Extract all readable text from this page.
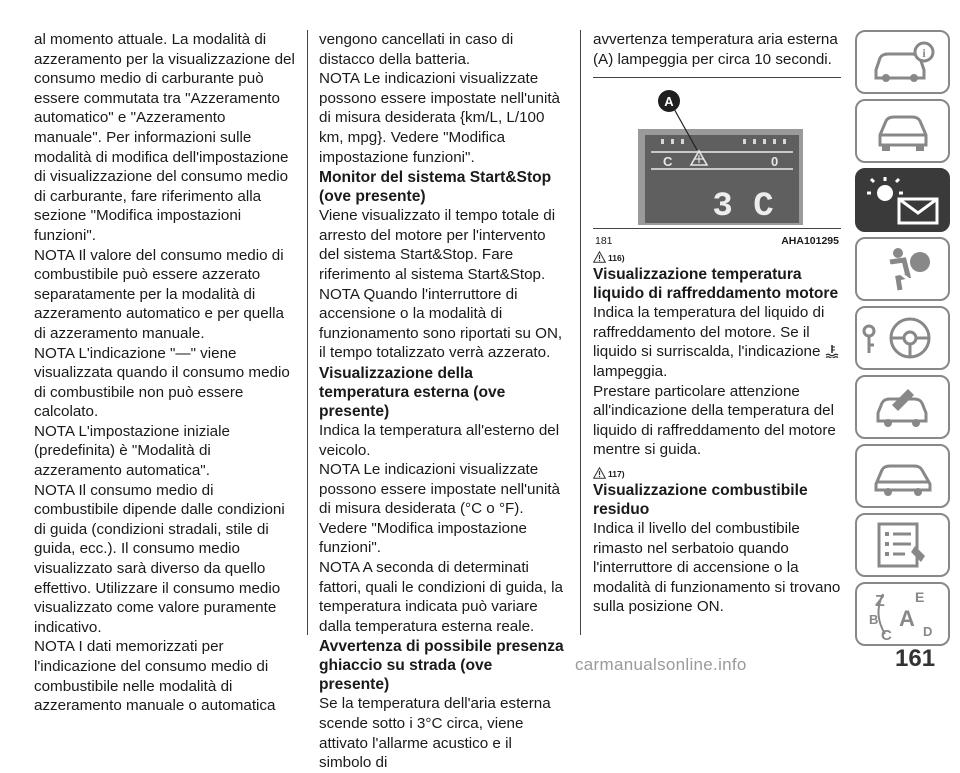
al momento attuale. La modalità di azzeramento per la visualizzazione del consumo medio di carburante può essere commutata tra "Azzeramento automatico" e "Azzeramento manuale". Per informazioni sulle modalità di modifica dell'impostazione di visualizzazione del consumo medio di carburante, fare riferimento alla sezione "Modifica impostazioni funzioni".

NOTA Il valore del consumo medio di combustibile può essere azzerato separatamente per la modalità di azzeramento automatico e per quella di azzeramento manuale.

NOTA L'indicazione "—" viene visualizzata quando il consumo medio di combustibile non può essere calcolato.

NOTA L'impostazione iniziale (predefinita) è "Modalità di azzeramento automatica".

NOTA Il consumo medio di combustibile dipende dalle condizioni di guida (condizioni stradali, stile di guida, ecc.). Il consumo medio visualizzato sarà diverso da quello effettivo. Utilizzare il consumo medio visualizzato come valore puramente indicativo.

NOTA I dati memorizzati per l'indicazione del consumo medio di combustibile nelle modalità di azzeramento manuale o automatica

vengono cancellati in caso di distacco della batteria.

NOTA Le indicazioni visualizzate possono essere impostate nell'unità di misura desiderata {km/L, L/100 km, mpg}. Vedere "Modifica impostazione funzioni".

Monitor del sistema Start&Stop (ove presente)

Viene visualizzato il tempo totale di arresto del motore per l'intervento del sistema Start&Stop. Fare riferimento al sistema Start&Stop.

NOTA Quando l'interruttore di accensione o la modalità di funzionamento sono riportati su ON, il tempo totalizzato verrà azzerato.

Visualizzazione della temperatura esterna (ove presente)

Indica la temperatura all'esterno del veicolo.

NOTA Le indicazioni visualizzate possono essere impostate nell'unità di misura desiderata (°C o °F). Vedere "Modifica impostazione funzioni".

NOTA A seconda di determinati fattori, quali le condizioni di guida, la temperatura indicata può variare dalla temperatura esterna reale.

Avvertenza di possibile presenza ghiaccio su strada (ove presente)

Se la temperatura dell'aria esterna scende sotto i 3°C circa, viene attivato l'allarme acustico e il simbolo di

avvertenza temperatura aria esterna (A) lampeggia per circa 10 secondi.

C	0
3 C
A
181	AHA101295
116)
Visualizzazione temperatura liquido di raffreddamento motore

Indica la temperatura del liquido di raffreddamento del motore. Se il liquido si surriscalda, l'indicazione  lampeggia.

Prestare particolare attenzione all'indicazione della temperatura del liquido di raffreddamento del motore mentre si guida.

117)
Visualizzazione combustibile residuo

Indica il livello del combustibile rimasto nel serbatoio quando l'interruttore di accensione o la modalità di funzionamento si trovano sulla posizione ON.

i
Z E
B A
C D
carmanualsonline.info	161
